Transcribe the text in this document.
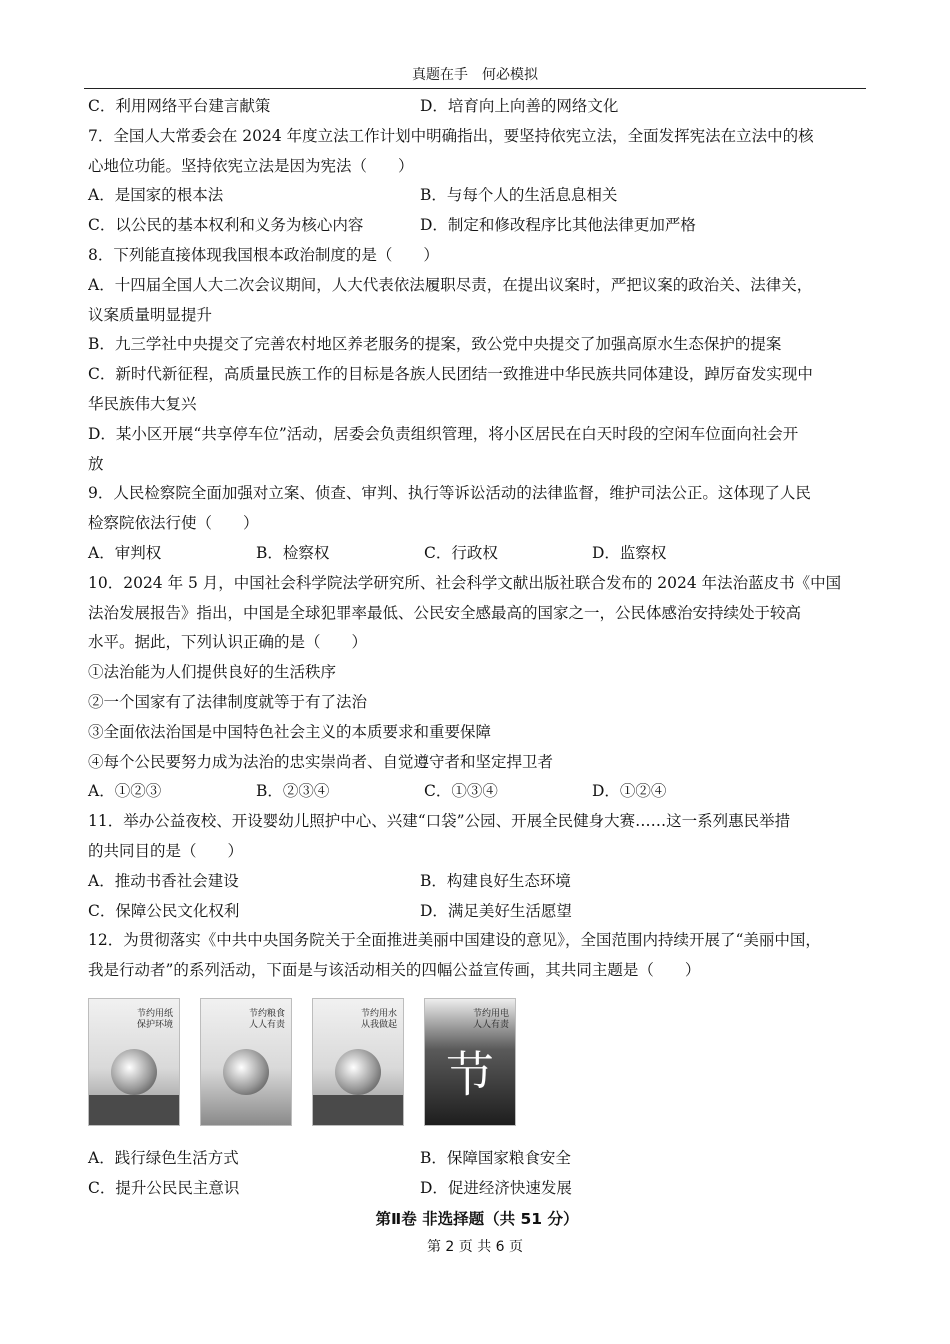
真题在手　何必模拟
C．利用网络平台建言献策	D．培育向上向善的网络文化
7．全国人大常委会在 2024 年度立法工作计划中明确指出，要坚持依宪立法，全面发挥宪法在立法中的核
心地位功能。坚持依宪立法是因为宪法（　　）
A．是国家的根本法	B．与每个人的生活息息相关
C．以公民的基本权利和义务为核心内容	D．制定和修改程序比其他法律更加严格
8．下列能直接体现我国根本政治制度的是（　　）
A．十四届全国人大二次会议期间，人大代表依法履职尽责，在提出议案时，严把议案的政治关、法律关，
议案质量明显提升
B．九三学社中央提交了完善农村地区养老服务的提案，致公党中央提交了加强高原水生态保护的提案
C．新时代新征程，高质量民族工作的目标是各族人民团结一致推进中华民族共同体建设，踔厉奋发实现中
华民族伟大复兴
D．某小区开展“共享停车位”活动，居委会负责组织管理，将小区居民在白天时段的空闲车位面向社会开
放
9．人民检察院全面加强对立案、侦查、审判、执行等诉讼活动的法律监督，维护司法公正。这体现了人民
检察院依法行使（　　）
A．审判权	B．检察权	C．行政权	D．监察权
10．2024 年 5 月，中国社会科学院法学研究所、社会科学文献出版社联合发布的 2024 年法治蓝皮书《中国
法治发展报告》指出，中国是全球犯罪率最低、公民安全感最高的国家之一，公民体感治安持续处于较高
水平。据此，下列认识正确的是（　　）
①法治能为人们提供良好的生活秩序
②一个国家有了法律制度就等于有了法治
③全面依法治国是中国特色社会主义的本质要求和重要保障
④每个公民要努力成为法治的忠实崇尚者、自觉遵守者和坚定捍卫者
A．①②③	B．②③④	C．①③④	D．①②④
11．举办公益夜校、开设婴幼儿照护中心、兴建“口袋”公园、开展全民健身大赛……这一系列惠民举措
的共同目的是（　　）
A．推动书香社会建设	B．构建良好生态环境
C．保障公民文化权利	D．满足美好生活愿望
12．为贯彻落实《中共中央国务院关于全面推进美丽中国建设的意见》，全国范围内持续开展了“美丽中国，
我是行动者”的系列活动，下面是与该活动相关的四幅公益宣传画，其共同主题是（　　）
节约用纸
保护环境
节约粮食
人人有责
节约用水
从我做起
节约用电
人人有责
节
A．践行绿色生活方式	B．保障国家粮食安全
C．提升公民民主意识	D．促进经济快速发展
第Ⅱ卷 非选择题（共 51 分）
第 2 页 共 6 页
